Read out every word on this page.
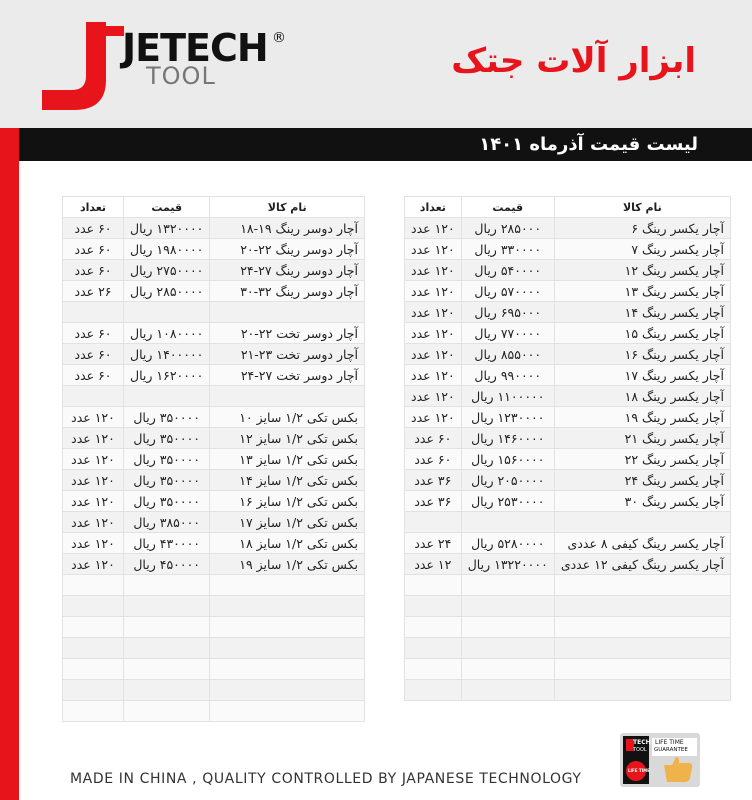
JETECH ®
TOOL	ابزار آلات جتک
لیست قیمت آذرماه ۱۴۰۱
نام کالا	قیمت	تعداد
آچار یکسر رینگ ۶	۲۸۵۰۰۰ ریال	۱۲۰ عدد
آچار یکسر رینگ ۷	۳۳۰۰۰۰ ریال	۱۲۰ عدد
آچار یکسر رینگ ۱۲	۵۴۰۰۰۰ ریال	۱۲۰ عدد
آچار یکسر رینگ ۱۳	۵۷۰۰۰۰ ریال	۱۲۰ عدد
آچار یکسر رینگ ۱۴	۶۹۵۰۰۰ ریال	۱۲۰ عدد
آچار یکسر رینگ ۱۵	۷۷۰۰۰۰ ریال	۱۲۰ عدد
آچار یکسر رینگ ۱۶	۸۵۵۰۰۰ ریال	۱۲۰ عدد
آچار یکسر رینگ ۱۷	۹۹۰۰۰۰ ریال	۱۲۰ عدد
آچار یکسر رینگ ۱۸	۱۱۰۰۰۰۰ ریال	۱۲۰ عدد
آچار یکسر رینگ ۱۹	۱۲۳۰۰۰۰ ریال	۱۲۰ عدد
آچار یکسر رینگ ۲۱	۱۴۶۰۰۰۰ ریال	۶۰ عدد
آچار یکسر رینگ ۲۲	۱۵۶۰۰۰۰ ریال	۶۰ عدد
آچار یکسر رینگ ۲۴	۲۰۵۰۰۰۰ ریال	۳۶ عدد
آچار یکسر رینگ ۳۰	۲۵۳۰۰۰۰ ریال	۳۶ عدد

آچار یکسر رینگ کیفی ۸ عددی	۵۲۸۰۰۰۰ ریال	۲۴ عدد
آچار یکسر رینگ کیفی ۱۲ عددی	۱۳۲۲۰۰۰۰ ریال	۱۲ عدد

نام کالا	قیمت	تعداد
آچار دوسر رینگ ۱۹-۱۸	۱۳۲۰۰۰۰ ریال	۶۰ عدد
آچار دوسر رینگ ۲۲-۲۰	۱۹۸۰۰۰۰ ریال	۶۰ عدد
آچار دوسر رینگ ۲۷-۲۴	۲۷۵۰۰۰۰ ریال	۶۰ عدد
آچار دوسر رینگ ۳۲-۳۰	۲۸۵۰۰۰۰ ریال	۲۶ عدد

آچار دوسر تخت ۲۲-۲۰	۱۰۸۰۰۰۰ ریال	۶۰ عدد
آچار دوسر تخت ۲۳-۲۱	۱۴۰۰۰۰۰ ریال	۶۰ عدد
آچار دوسر تخت ۲۷-۲۴	۱۶۲۰۰۰۰ ریال	۶۰ عدد

بکس تکی ۱/۲ سایز ۱۰	۳۵۰۰۰۰ ریال	۱۲۰ عدد
بکس تکی ۱/۲ سایز ۱۲	۳۵۰۰۰۰ ریال	۱۲۰ عدد
بکس تکی ۱/۲ سایز ۱۳	۳۵۰۰۰۰ ریال	۱۲۰ عدد
بکس تکی ۱/۲ سایز ۱۴	۳۵۰۰۰۰ ریال	۱۲۰ عدد
بکس تکی ۱/۲ سایز ۱۶	۳۵۰۰۰۰ ریال	۱۲۰ عدد
بکس تکی ۱/۲ سایز ۱۷	۳۸۵۰۰۰ ریال	۱۲۰ عدد
بکس تکی ۱/۲ سایز ۱۸	۴۳۰۰۰۰ ریال	۱۲۰ عدد
بکس تکی ۱/۲ سایز ۱۹	۴۵۰۰۰۰ ریال	۱۲۰ عدد

MADE IN CHINA , QUALITY CONTROLLED BY JAPANESE TECHNOLOGY
TECH
TOOL
LIFE TIME
LIFE TIME
GUARANTEE
